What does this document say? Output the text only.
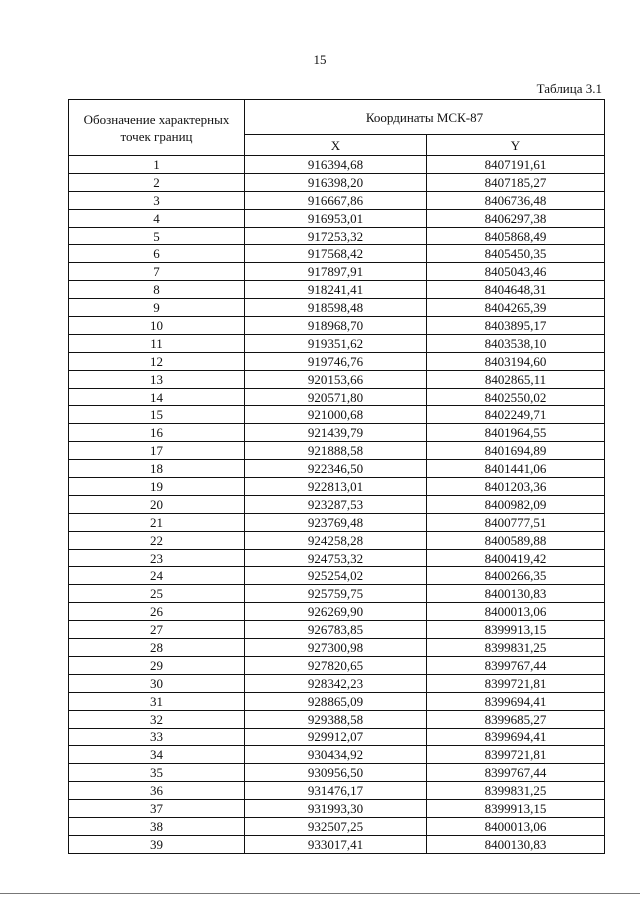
15
Таблица 3.1
Обозначение характерных точек границ	Координаты МСК-87	
	X	Y
1	916394,68	8407191,61
2	916398,20	8407185,27
3	916667,86	8406736,48
4	916953,01	8406297,38
5	917253,32	8405868,49
6	917568,42	8405450,35
7	917897,91	8405043,46
8	918241,41	8404648,31
9	918598,48	8404265,39
10	918968,70	8403895,17
11	919351,62	8403538,10
12	919746,76	8403194,60
13	920153,66	8402865,11
14	920571,80	8402550,02
15	921000,68	8402249,71
16	921439,79	8401964,55
17	921888,58	8401694,89
18	922346,50	8401441,06
19	922813,01	8401203,36
20	923287,53	8400982,09
21	923769,48	8400777,51
22	924258,28	8400589,88
23	924753,32	8400419,42
24	925254,02	8400266,35
25	925759,75	8400130,83
26	926269,90	8400013,06
27	926783,85	8399913,15
28	927300,98	8399831,25
29	927820,65	8399767,44
30	928342,23	8399721,81
31	928865,09	8399694,41
32	929388,58	8399685,27
33	929912,07	8399694,41
34	930434,92	8399721,81
35	930956,50	8399767,44
36	931476,17	8399831,25
37	931993,30	8399913,15
38	932507,25	8400013,06
39	933017,41	8400130,83
